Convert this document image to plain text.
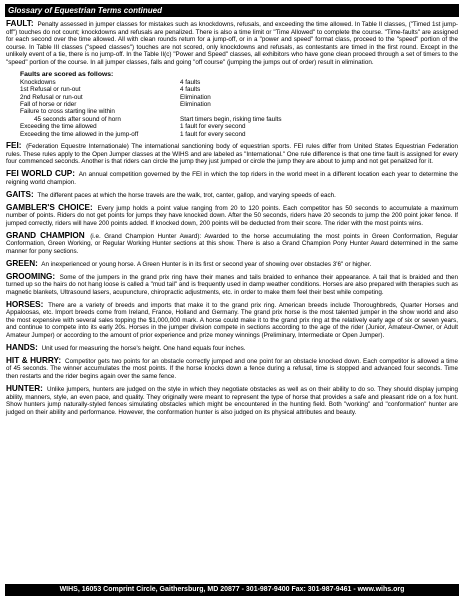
Glossary of Equestrian Terms continued

FAULT: Penalty assessed in jumper classes for mistakes such as knockdowns, refusals, and exceeding the time allowed. In Table II classes, ("Timed 1st jump-off") touches do not count; knockdowns and refusals are penalized. There is also a time limit or "Time Allowed" to complete the course. "Time-faults" are assigned for each second over the time allowed. All with clean rounds return for a jump-off, or in a "power and speed" format class, proceed to the "speed" portion of the course. In Table III classes ("speed classes") touches are not scored, only knockdowns and refusals, as contestants are timed in the first round. Except in the unlikely event of a tie, there is no jump-off. In the Table II(c) "Power and Speed" classes, all exhibitors who have gone clean proceed through a set of timers to the "speed" portion of the course. In all jumper classes, falls and going "off course" (jumping the jumps out of order) result in elimination.

Faults are scored as follows:
Knockdowns	4 faults
1st Refusal or run-out	4 faults
2nd Refusal or run-out	Elimination
Fall of horse or rider	Elimination
Failure to cross starting line within
45 seconds after sound of horn	Start timers begin, risking time faults
Exceeding the time allowed	1 fault for every second
Exceeding the time allowed in the jump-off	1 fault for every second

FEI: (Federation Equestre Internationale) The international sanctioning body of equestrian sports. FEI rules differ from United States Equestrian Federation rules. These rules apply to the Open Jumper classes at the WIHS and are labeled as "International." One rule difference is that one time fault is assigned for every four commenced seconds. Another is that riders can circle the jump they just jumped or circle the jump they are about to jump and not get penalized for it.

FEI WORLD CUP: An annual competition governed by the FEI in which the top riders in the world meet in a different location each year to determine the reigning world champion.

GAITS: The different paces at which the horse travels are the walk, trot, canter, gallop, and varying speeds of each.

GAMBLER'S CHOICE: Every jump holds a point value ranging from 20 to 120 points. Each competitor has 50 seconds to accumulate a maximum number of points. Riders do not get points for jumps they have knocked down. After the 50 seconds, riders have 20 seconds to jump the 200 point joker fence. If jumped correctly, riders will have 200 points added. If knocked down, 200 points will be deducted from their score. The rider with the most points wins.

GRAND CHAMPION (i.e. Grand Champion Hunter Award): Awarded to the horse accumulating the most points in Green Conformation, Regular Conformation, Green Working, or Regular Working Hunter sections at this show. There is also a Grand Champion Pony Hunter Award determined in the same manner for pony sections.

GREEN: An inexperienced or young horse. A Green Hunter is in its first or second year of showing over obstacles 3'6" or higher.

GROOMING: Some of the jumpers in the grand prix ring have their manes and tails braided to enhance their appearance. A tail that is braided and then turned up so the hairs do not hang loose is called a "mud tail" and is frequently used in damp weather conditions. Horses are also prepared with therapies such as magnetic blankets, Ultrasound lasers, acupuncture, chiropractic adjustments, etc. in order to make them feel their best while competing.

HORSES: There are a variety of breeds and imports that make it to the grand prix ring. American breeds include Thoroughbreds, Quarter Horses and Appaloosas, etc. Import breeds come from Ireland, France, Holland and Germany. The grand prix horse is the most talented jumper in the show world and also the most expensive with several sales topping the $1,000,000 mark. A horse could make it to the grand prix ring at the relatively early age of six or seven years, and continue to compete into its early 20s. Horses in the jumper division compete in sections according to the age of the rider (Junior, Amateur-Owner, or Adult Amateur Jumper) or according to the amount of prior experience and prize money winnings (Preliminary, Intermediate or Open Jumper).

HANDS: Unit used for measuring the horse's height. One hand equals four inches.

HIT & HURRY: Competitor gets two points for an obstacle correctly jumped and one point for an obstacle knocked down. Each competitor is allowed a time of 45 seconds. The winner accumulates the most points. If the horse knocks down a fence during a refusal, time is stopped and advanced four seconds. Time then restarts and the rider begins again over the same fence.

HUNTER: Unlike jumpers, hunters are judged on the style in which they negotiate obstacles as well as on their ability to do so. They should display jumping ability, manners, style, an even pace, and quality. They originally were meant to represent the type of horse that provides a safe and pleasant ride on a fox hunt. Show hunters jump naturally-styled fences simulating obstacles which might be encountered in the hunting field. Both "working" and "conformation" hunter are judged on their ability and performance. However, the conformation hunter is also judged on its physical attributes and beauty.

WIHS, 16053 Comprint Circle, Gaithersburg, MD 20877 - 301-987-9400 Fax: 301-987-9461 - www.wihs.org
